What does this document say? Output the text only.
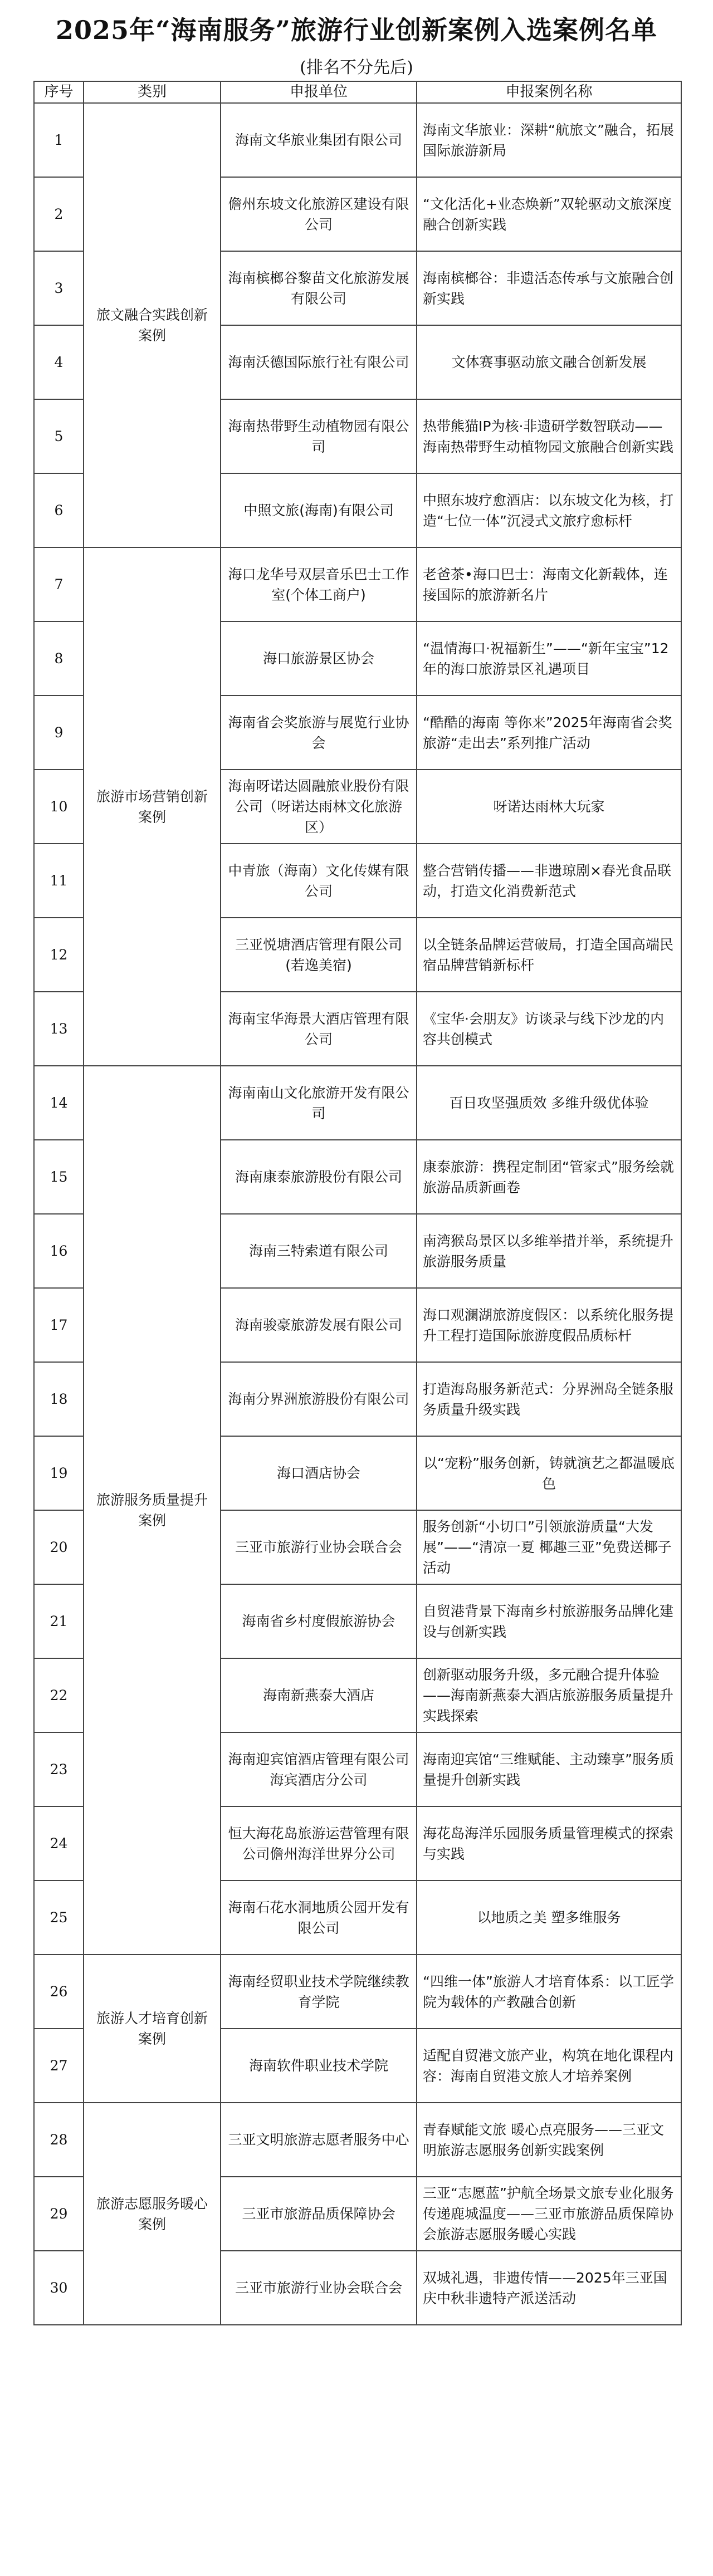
2025年“海南服务”旅游行业创新案例入选案例名单
(排名不分先后)
序号	类别	申报单位	申报案例名称
1	旅文融合实践创新案例	海南文华旅业集团有限公司	海南文华旅业：深耕“航旅文”融合，拓展国际旅游新局
2		儋州东坡文化旅游区建设有限公司	“文化活化+业态焕新”双轮驱动文旅深度融合创新实践
3		海南槟榔谷黎苗文化旅游发展有限公司	海南槟榔谷：非遗活态传承与文旅融合创新实践
4		海南沃德国际旅行社有限公司	文体赛事驱动旅文融合创新发展
5		海南热带野生动植物园有限公司	热带熊猫IP为核·非遗研学数智联动——海南热带野生动植物园文旅融合创新实践
6		中照文旅(海南)有限公司	中照东坡疗愈酒店：以东坡文化为核，打造“七位一体”沉浸式文旅疗愈标杆
7	旅游市场营销创新案例	海口龙华号双层音乐巴士工作室(个体工商户)	老爸茶•海口巴士：海南文化新载体，连接国际的旅游新名片
8		海口旅游景区协会	“温情海口·祝福新生”——“新年宝宝”12年的海口旅游景区礼遇项目
9		海南省会奖旅游与展览行业协会	“酷酷的海南 等你来”2025年海南省会奖旅游“走出去”系列推广活动
10		海南呀诺达圆融旅业股份有限公司（呀诺达雨林文化旅游区）	呀诺达雨林大玩家
11		中青旅（海南）文化传媒有限公司	整合营销传播——非遗琼剧×春光食品联动，打造文化消费新范式
12		三亚悦塘酒店管理有限公司(若逸美宿)	以全链条品牌运营破局，打造全国高端民宿品牌营销新标杆
13		海南宝华海景大酒店管理有限公司	《宝华·会朋友》访谈录与线下沙龙的内容共创模式
14	旅游服务质量提升案例	海南南山文化旅游开发有限公司	百日攻坚强质效 多维升级优体验
15		海南康泰旅游股份有限公司	康泰旅游：携程定制团“管家式”服务绘就旅游品质新画卷
16		海南三特索道有限公司	南湾猴岛景区以多维举措并举，系统提升旅游服务质量
17		海南骏豪旅游发展有限公司	海口观澜湖旅游度假区：以系统化服务提升工程打造国际旅游度假品质标杆
18		海南分界洲旅游股份有限公司	打造海岛服务新范式：分界洲岛全链条服务质量升级实践
19		海口酒店协会	以“宠粉”服务创新，铸就演艺之都温暖底色
20		三亚市旅游行业协会联合会	服务创新“小切口”引领旅游质量“大发展”——“清凉一夏 椰趣三亚”免费送椰子活动
21		海南省乡村度假旅游协会	自贸港背景下海南乡村旅游服务品牌化建设与创新实践
22		海南新燕泰大酒店	创新驱动服务升级，多元融合提升体验——海南新燕泰大酒店旅游服务质量提升实践探索
23		海南迎宾馆酒店管理有限公司海宾酒店分公司	海南迎宾馆“三维赋能、主动臻享”服务质量提升创新实践
24		恒大海花岛旅游运营管理有限公司儋州海洋世界分公司	海花岛海洋乐园服务质量管理模式的探索与实践
25		海南石花水洞地质公园开发有限公司	以地质之美 塑多维服务
26	旅游人才培育创新案例	海南经贸职业技术学院继续教育学院	“四维一体”旅游人才培育体系：以工匠学院为载体的产教融合创新
27		海南软件职业技术学院	适配自贸港文旅产业，构筑在地化课程内容：海南自贸港文旅人才培养案例
28	旅游志愿服务暖心案例	三亚文明旅游志愿者服务中心	青春赋能文旅 暖心点亮服务——三亚文明旅游志愿服务创新实践案例
29		三亚市旅游品质保障协会	三亚“志愿蓝”护航全场景文旅专业化服务传递鹿城温度——三亚市旅游品质保障协会旅游志愿服务暖心实践
30		三亚市旅游行业协会联合会	双城礼遇，非遗传情——2025年三亚国庆中秋非遗特产派送活动
